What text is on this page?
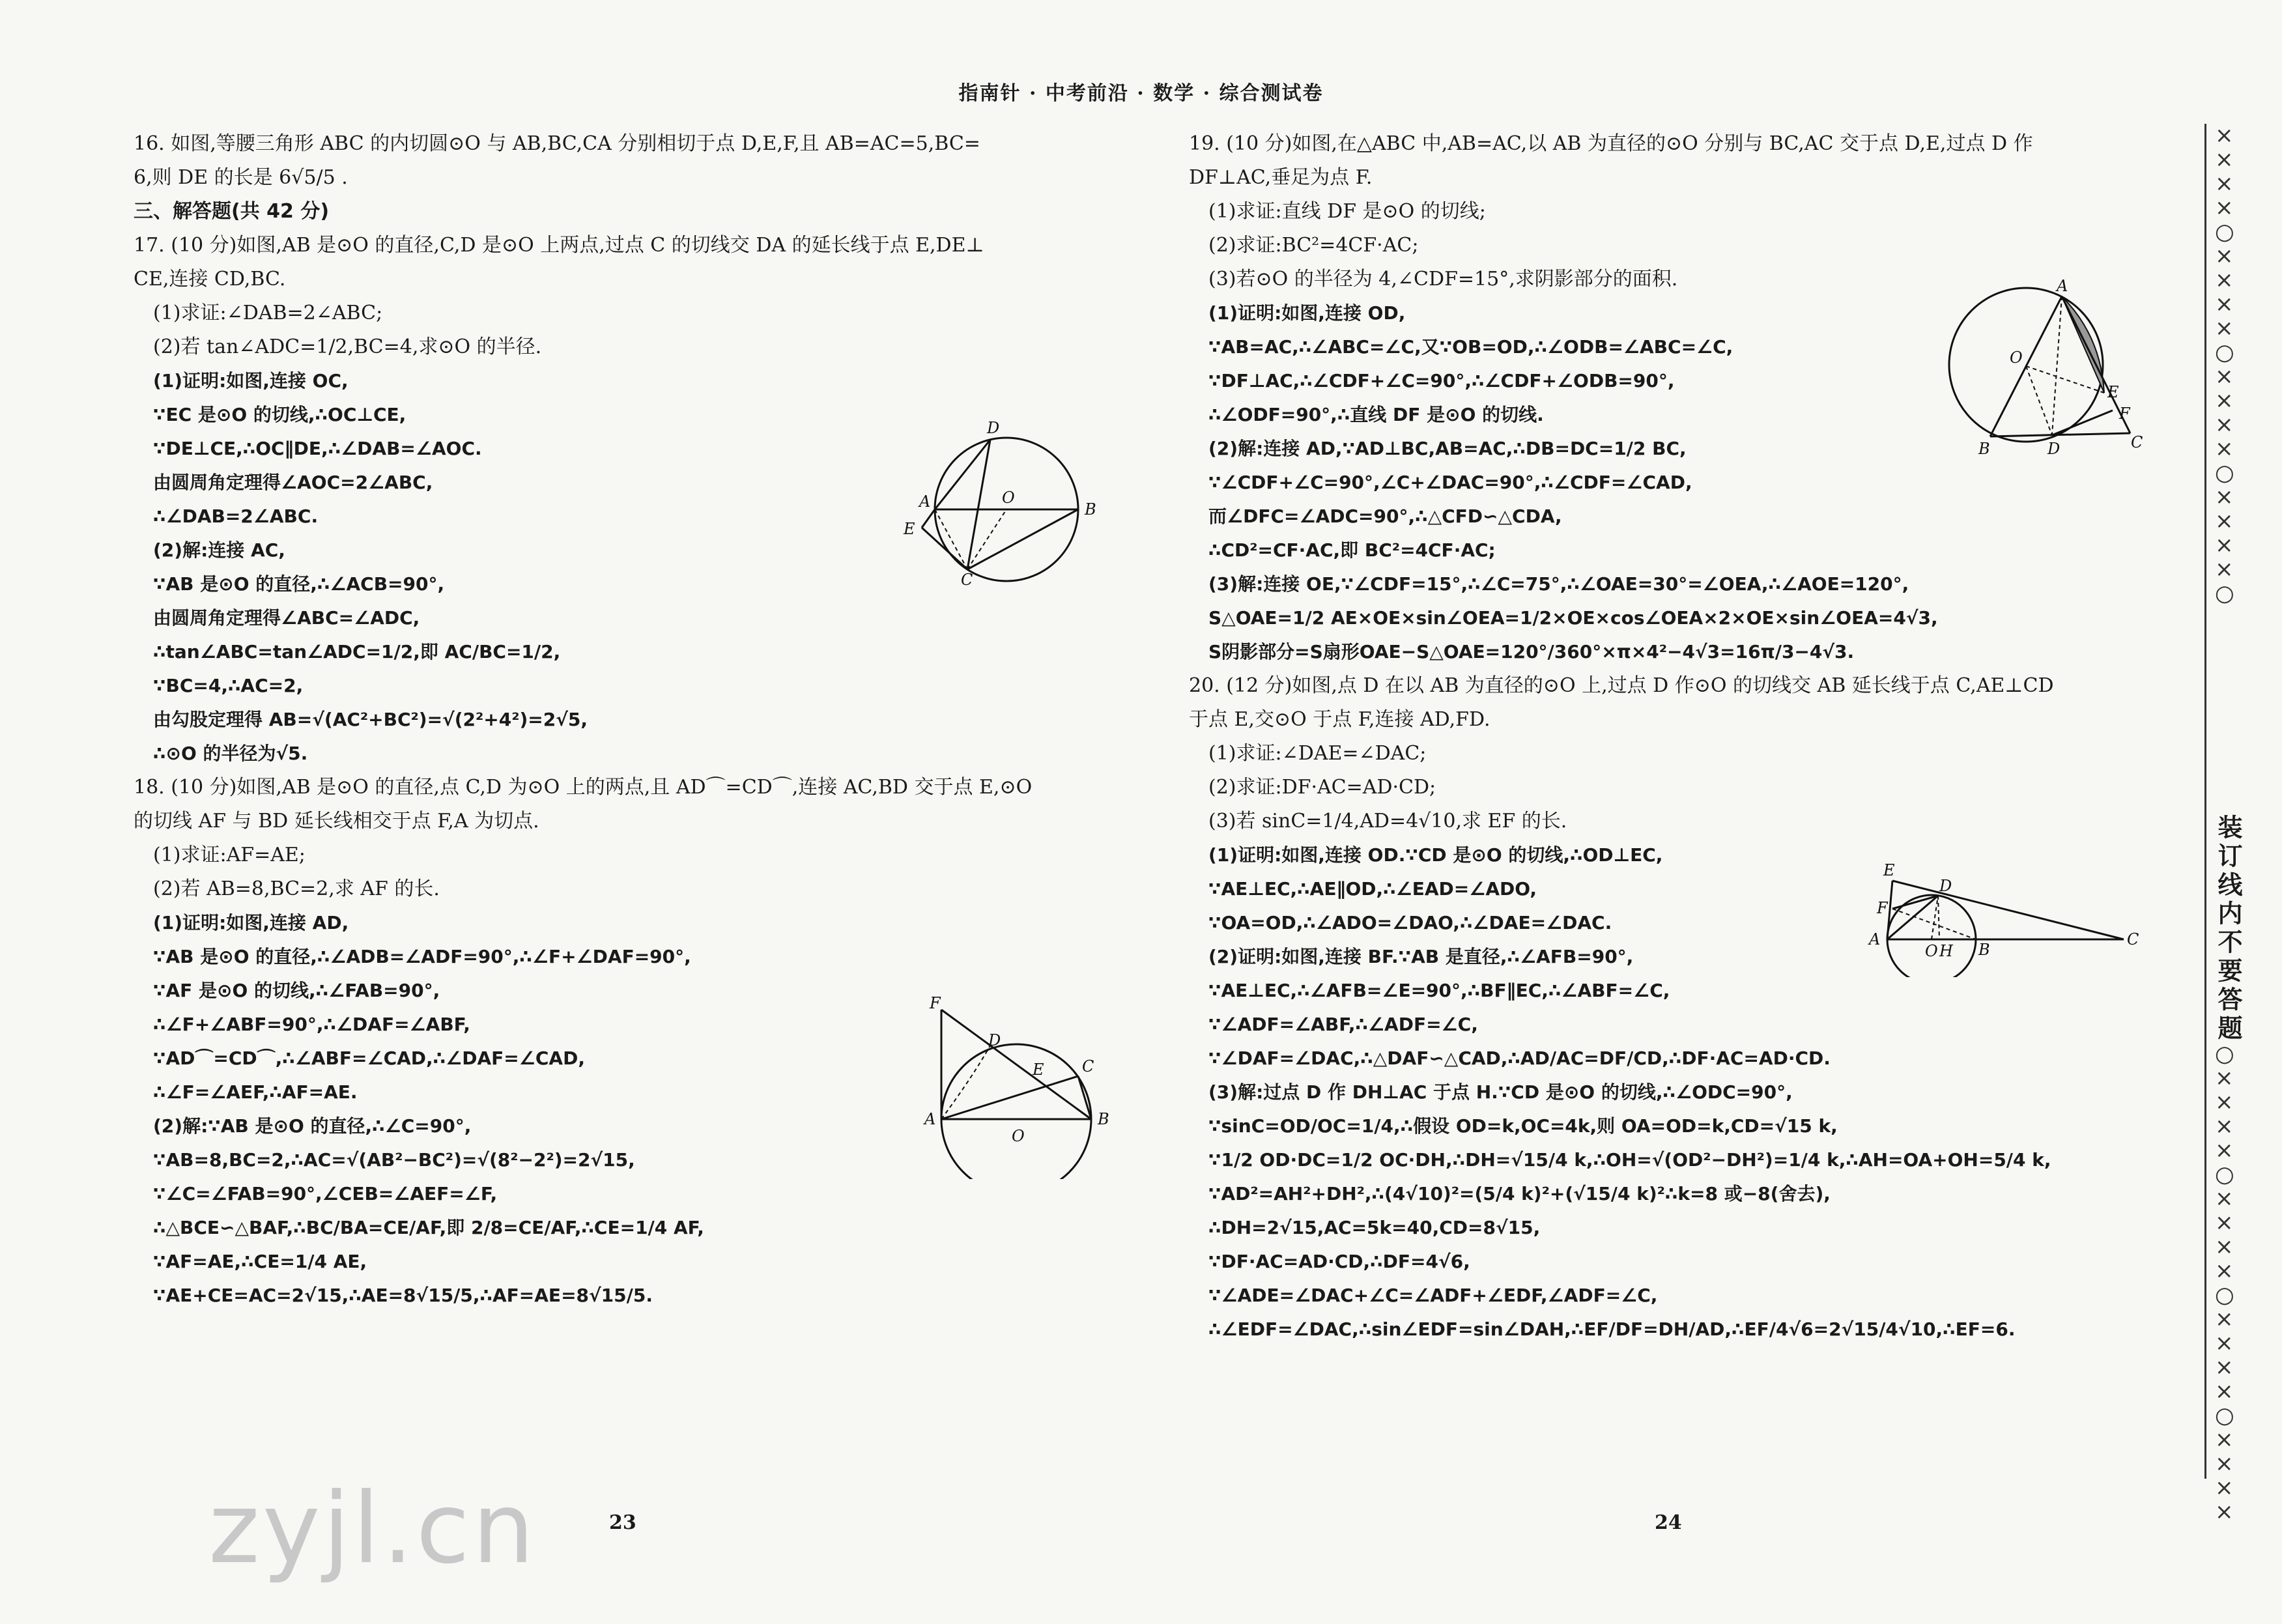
指南针 · 中考前沿 · 数学 · 综合测试卷
16. 如图,等腰三角形 ABC 的内切圆⊙O 与 AB,BC,CA 分别相切于点 D,E,F,且 AB=AC=5,BC=
6,则 DE 的长是 6√5/5 .
三、解答题(共 42 分)
17. (10 分)如图,AB 是⊙O 的直径,C,D 是⊙O 上两点,过点 C 的切线交 DA 的延长线于点 E,DE⊥
CE,连接 CD,BC.
(1)求证:∠DAB=2∠ABC;
(2)若 tan∠ADC=1/2,BC=4,求⊙O 的半径.
(1)证明:如图,连接 OC,
∵EC 是⊙O 的切线,∴OC⊥CE,
∵DE⊥CE,∴OC∥DE,∴∠DAB=∠AOC.
由圆周角定理得∠AOC=2∠ABC,
∴∠DAB=2∠ABC.
(2)解:连接 AC,
∵AB 是⊙O 的直径,∴∠ACB=90°,
由圆周角定理得∠ABC=∠ADC,
∴tan∠ABC=tan∠ADC=1/2,即 AC/BC=1/2,
∵BC=4,∴AC=2,
由勾股定理得 AB=√(AC²+BC²)=√(2²+4²)=2√5,
∴⊙O 的半径为√5.
18. (10 分)如图,AB 是⊙O 的直径,点 C,D 为⊙O 上的两点,且 AD⌒=CD⌒,连接 AC,BD 交于点 E,⊙O
的切线 AF 与 BD 延长线相交于点 F,A 为切点.
(1)求证:AF=AE;
(2)若 AB=8,BC=2,求 AF 的长.
(1)证明:如图,连接 AD,
∵AB 是⊙O 的直径,∴∠ADB=∠ADF=90°,∴∠F+∠DAF=90°,
∵AF 是⊙O 的切线,∴∠FAB=90°,
∴∠F+∠ABF=90°,∴∠DAF=∠ABF,
∵AD⌒=CD⌒,∴∠ABF=∠CAD,∴∠DAF=∠CAD,
∴∠F=∠AEF,∴AF=AE.
(2)解:∵AB 是⊙O 的直径,∴∠C=90°,
∵AB=8,BC=2,∴AC=√(AB²−BC²)=√(8²−2²)=2√15,
∵∠C=∠FAB=90°,∠CEB=∠AEF=∠F,
∴△BCE∽△BAF,∴BC/BA=CE/AF,即 2/8=CE/AF,∴CE=1/4 AF,
∵AF=AE,∴CE=1/4 AE,
∵AE+CE=AC=2√15,∴AE=8√15/5,∴AF=AE=8√15/5.
19. (10 分)如图,在△ABC 中,AB=AC,以 AB 为直径的⊙O 分别与 BC,AC 交于点 D,E,过点 D 作
DF⊥AC,垂足为点 F.
(1)求证:直线 DF 是⊙O 的切线;
(2)求证:BC²=4CF·AC;
(3)若⊙O 的半径为 4,∠CDF=15°,求阴影部分的面积.
(1)证明:如图,连接 OD,
∵AB=AC,∴∠ABC=∠C,又∵OB=OD,∴∠ODB=∠ABC=∠C,
∵DF⊥AC,∴∠CDF+∠C=90°,∴∠CDF+∠ODB=90°,
∴∠ODF=90°,∴直线 DF 是⊙O 的切线.
(2)解:连接 AD,∵AD⊥BC,AB=AC,∴DB=DC=1/2 BC,
∵∠CDF+∠C=90°,∠C+∠DAC=90°,∴∠CDF=∠CAD,
而∠DFC=∠ADC=90°,∴△CFD∽△CDA,
∴CD²=CF·AC,即 BC²=4CF·AC;
(3)解:连接 OE,∵∠CDF=15°,∴∠C=75°,∴∠OAE=30°=∠OEA,∴∠AOE=120°,
S△OAE=1/2 AE×OE×sin∠OEA=1/2×OE×cos∠OEA×2×OE×sin∠OEA=4√3,
S阴影部分=S扇形OAE−S△OAE=120°/360°×π×4²−4√3=16π/3−4√3.
20. (12 分)如图,点 D 在以 AB 为直径的⊙O 上,过点 D 作⊙O 的切线交 AB 延长线于点 C,AE⊥CD
于点 E,交⊙O 于点 F,连接 AD,FD.
(1)求证:∠DAE=∠DAC;
(2)求证:DF·AC=AD·CD;
(3)若 sinC=1/4,AD=4√10,求 EF 的长.
(1)证明:如图,连接 OD.∵CD 是⊙O 的切线,∴OD⊥EC,
∵AE⊥EC,∴AE∥OD,∴∠EAD=∠ADO,
∵OA=OD,∴∠ADO=∠DAO,∴∠DAE=∠DAC.
(2)证明:如图,连接 BF.∵AB 是直径,∴∠AFB=90°,
∵AE⊥EC,∴∠AFB=∠E=90°,∴BF∥EC,∴∠ABF=∠C,
∵∠ADF=∠ABF,∴∠ADF=∠C,
∵∠DAF=∠DAC,∴△DAF∽△CAD,∴AD/AC=DF/CD,∴DF·AC=AD·CD.
(3)解:过点 D 作 DH⊥AC 于点 H.∵CD 是⊙O 的切线,∴∠ODC=90°,
∵sinC=OD/OC=1/4,∴假设 OD=k,OC=4k,则 OA=OD=k,CD=√15 k,
∵1/2 OD·DC=1/2 OC·DH,∴DH=√15/4 k,∴OH=√(OD²−DH²)=1/4 k,∴AH=OA+OH=5/4 k,
∵AD²=AH²+DH²,∴(4√10)²=(5/4 k)²+(√15/4 k)²∴k=8 或−8(舍去),
∴DH=2√15,AC=5k=40,CD=8√15,
∵DF·AC=AD·CD,∴DF=4√6,
∵∠ADE=∠DAC+∠C=∠ADF+∠EDF,∠ADF=∠C,
∴∠EDF=∠DAC,∴sin∠EDF=sin∠DAH,∴EF/DF=DH/AD,∴EF/4√6=2√15/4√10,∴EF=6.
23	24
zyjl.cn
××××○××××○××××○××××○
装订线内不要答题
○××××○××××○××××○××××
D
A	O
B
E
C
F
D
E C
A
O
B
A
O
E
F
B	D	C
E
D
F
A
O H B
C
